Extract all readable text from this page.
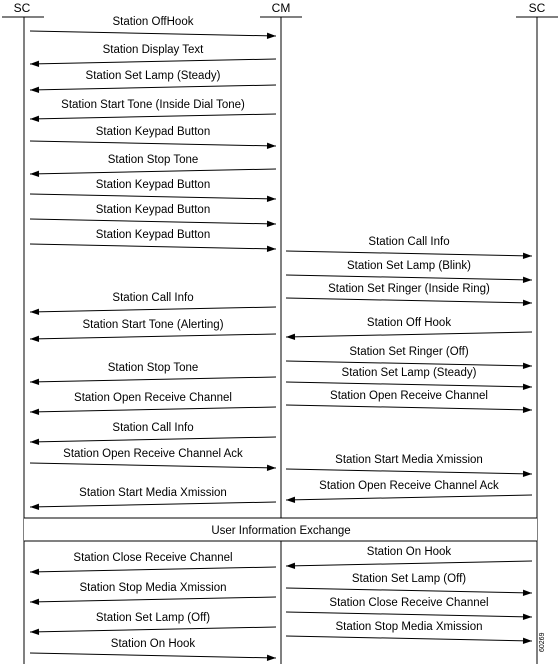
SC	CM	SC
User Information Exchange
60269
Station OffHook
Station Display Text
Station Set Lamp (Steady)
Station Start Tone (Inside Dial Tone)
Station Keypad Button
Station Stop Tone
Station Keypad Button
Station Keypad Button
Station Keypad Button
Station Call Info
Station Start Tone (Alerting)
Station Stop Tone
Station Open Receive Channel
Station Call Info
Station Open Receive Channel Ack
Station Start Media Xmission
Station Close Receive Channel
Station Stop Media Xmission
Station Set Lamp (Off)
Station On Hook
Station Call Info
Station Set Lamp (Blink)
Station Set Ringer (Inside Ring)
Station Off Hook
Station Set Ringer (Off)
Station Set Lamp (Steady)
Station Open Receive Channel
Station Start Media Xmission
Station Open Receive Channel Ack
Station On Hook
Station Set Lamp (Off)
Station Close Receive Channel
Station Stop Media Xmission
